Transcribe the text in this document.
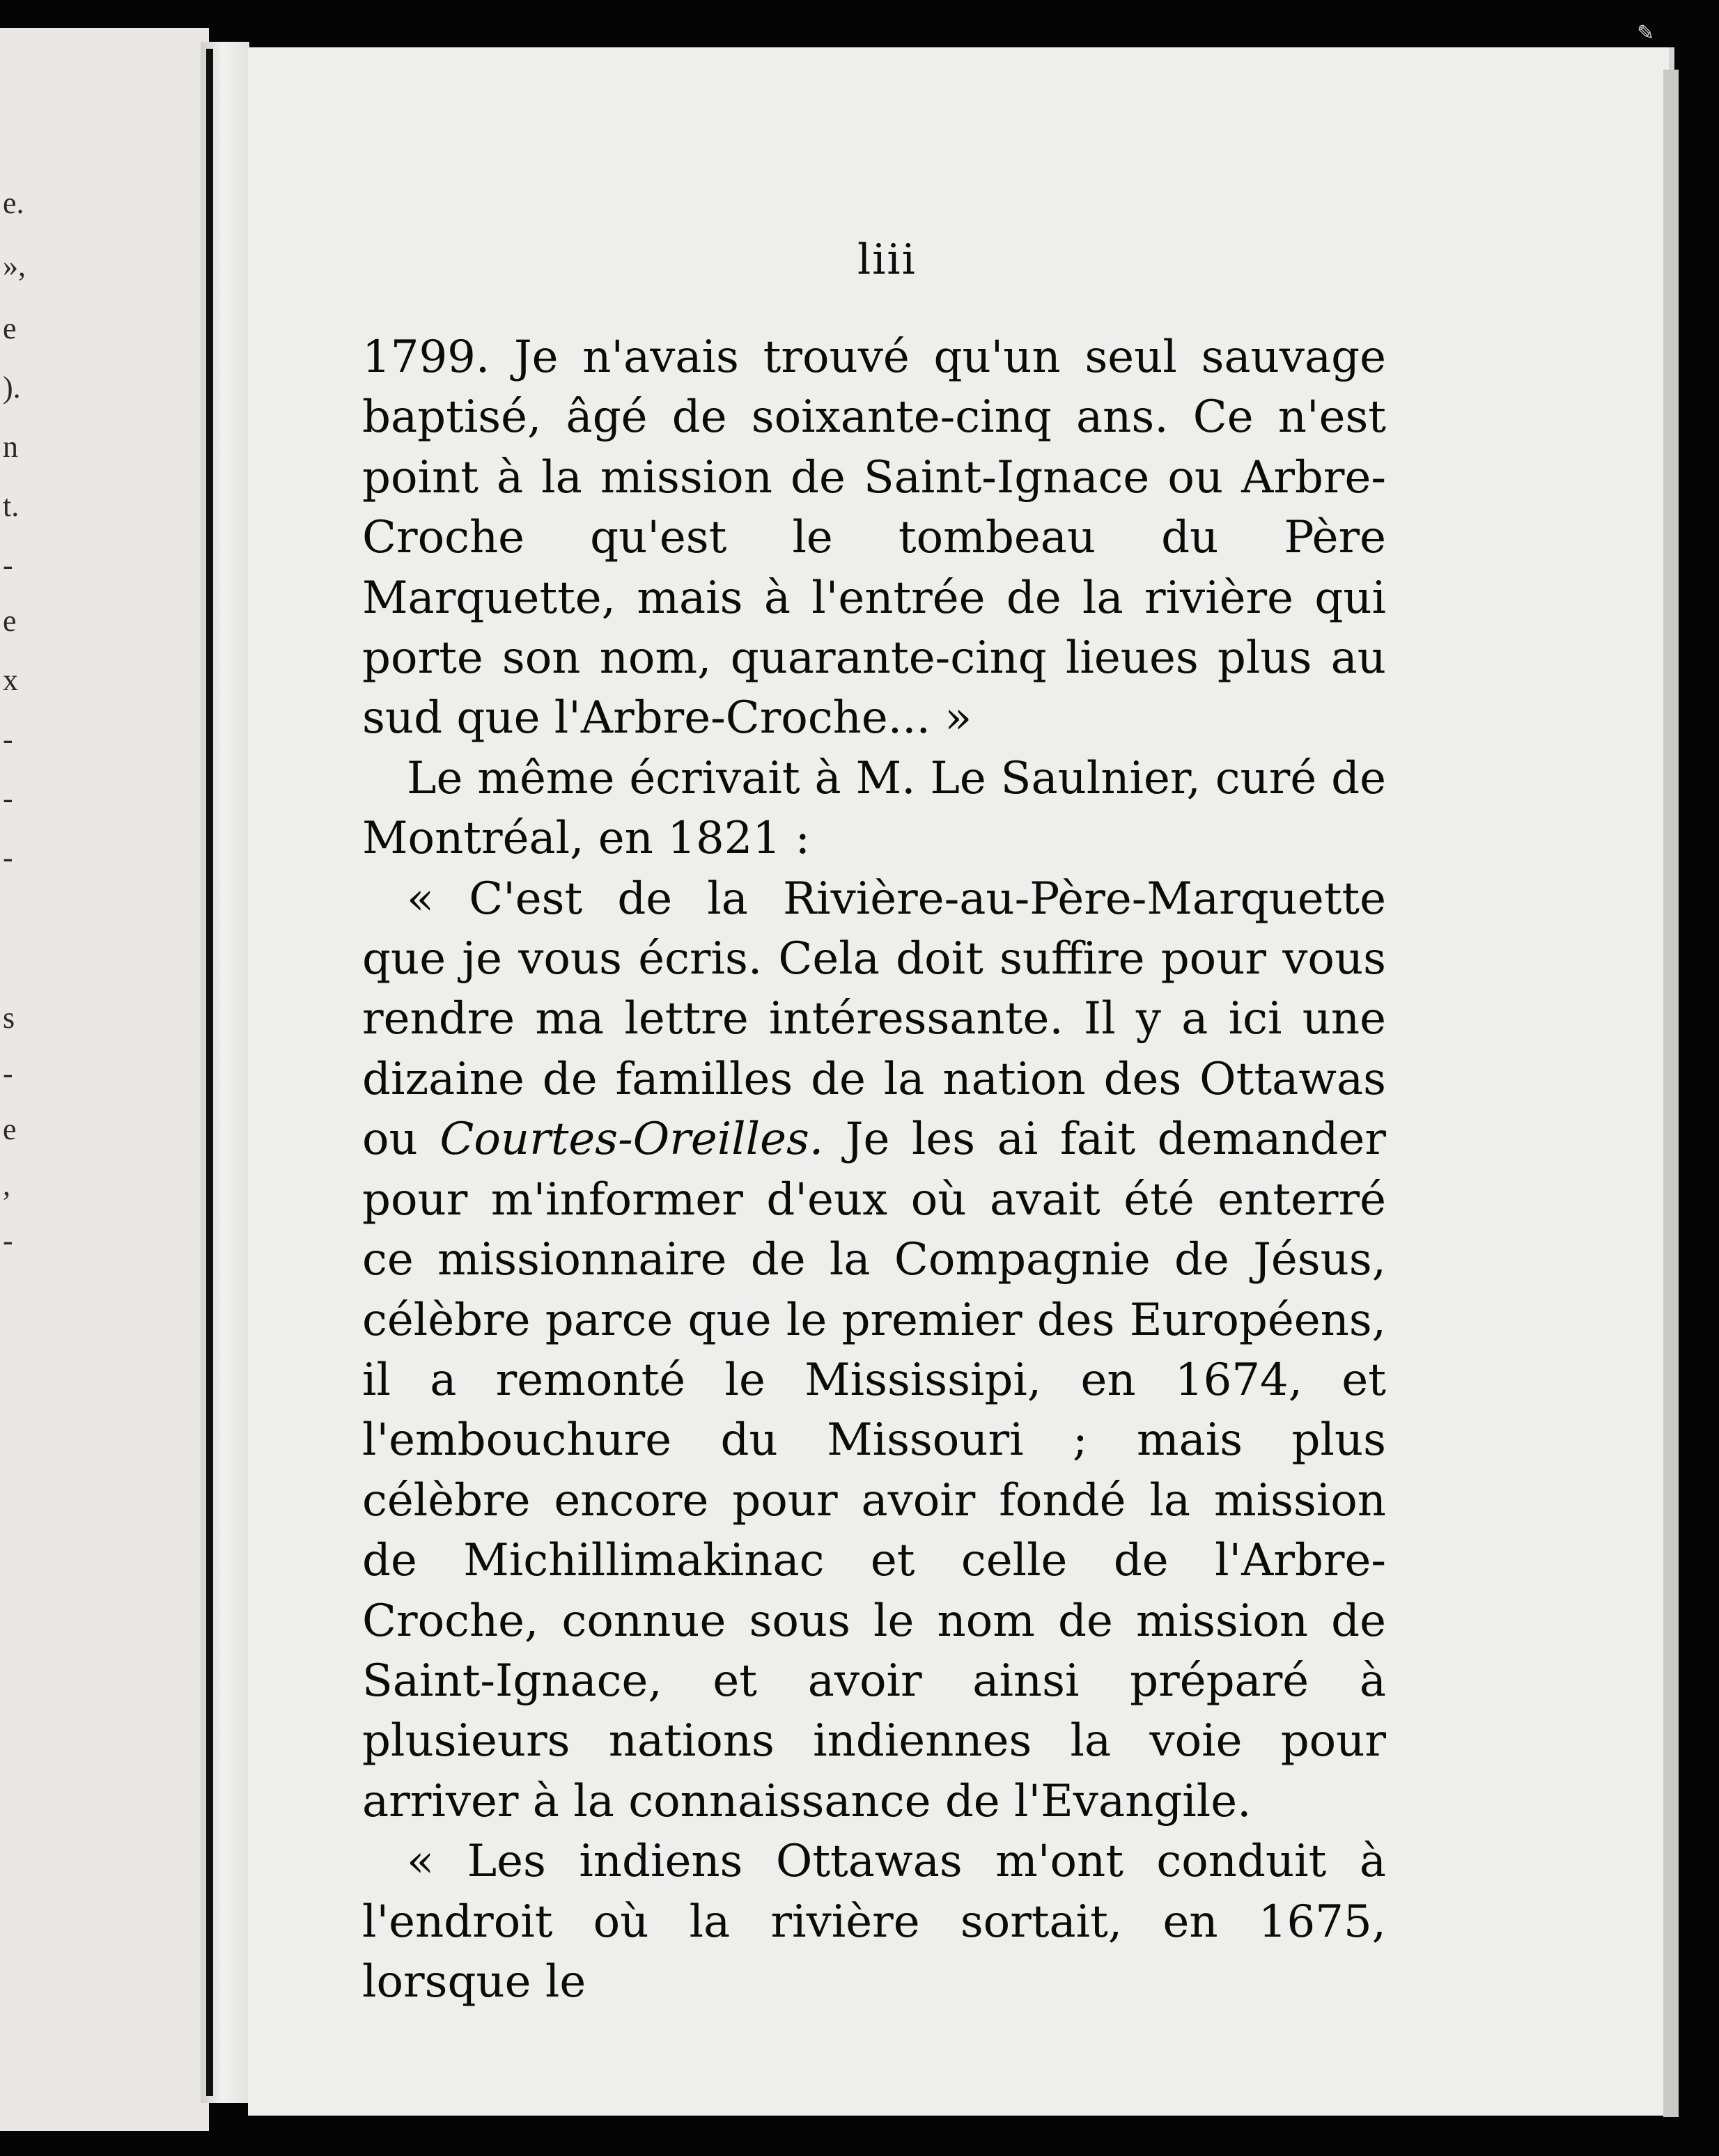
e.
»,
e
).
n
t.
-
e
x
-
-
-
s
-
e
,
-
liii

1799. Je n'avais trouvé qu'un seul sauvage baptisé, âgé de soixante-cinq ans. Ce n'est point à la mission de Saint-Ignace ou Arbre-Croche qu'est le tombeau du Père Marquette, mais à l'entrée de la rivière qui porte son nom, quarante-cinq lieues plus au sud que l'Arbre-Croche... »

Le même écrivait à M. Le Saulnier, curé de Montréal, en 1821 :

« C'est de la Rivière-au-Père-Marquette que je vous écris. Cela doit suffire pour vous rendre ma lettre intéressante. Il y a ici une dizaine de familles de la nation des Ottawas ou Courtes-Oreilles. Je les ai fait demander pour m'informer d'eux où avait été enterré ce missionnaire de la Compagnie de Jésus, célèbre parce que le premier des Européens, il a remonté le Mississipi, en 1674, et l'embouchure du Missouri ; mais plus célèbre encore pour avoir fondé la mission de Michillimakinac et celle de l'Arbre-Croche, connue sous le nom de mission de Saint-Ignace, et avoir ainsi préparé à plusieurs nations indiennes la voie pour arriver à la connaissance de l'Evangile.

« Les indiens Ottawas m'ont conduit à l'endroit où la rivière sortait, en 1675, lorsque le

✎
